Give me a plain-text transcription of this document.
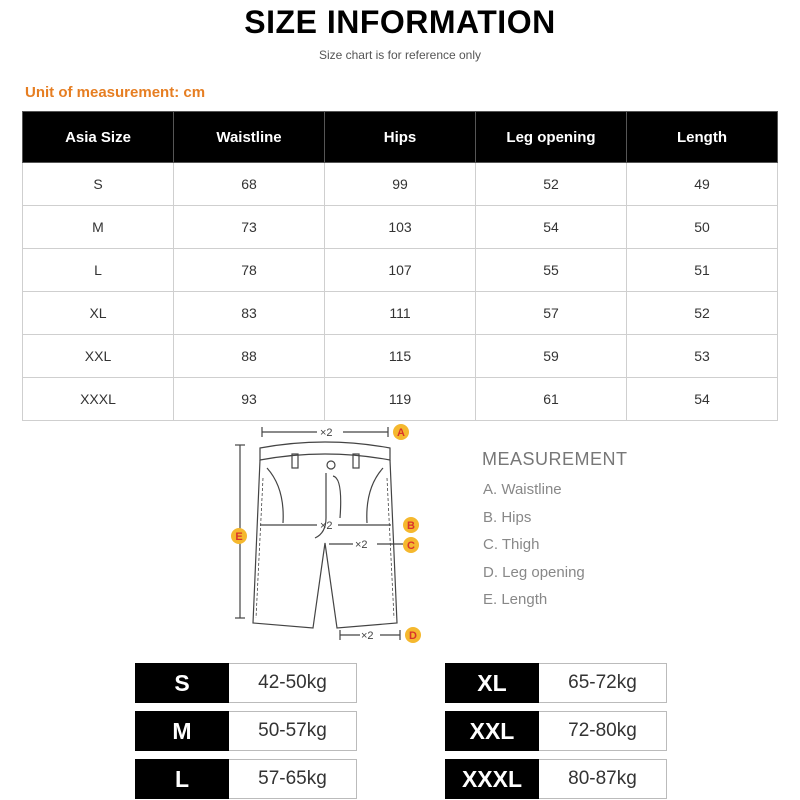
SIZE INFORMATION
Size chart is for reference only
Unit of measurement: cm
Asia Size	Waistline	Hips	Leg opening	Length
S	68	99	52	49
M	73	103	54	50
L	78	107	55	51
XL	83	111	57	52
XXL	88	115	59	53
XXXL	93	119	61	54
×2
×2
×2
×2
A
B
C
D
E
MEASUREMENT
A. Waistline
B. Hips
C. Thigh
D. Leg opening
E. Length
S	42-50kg
M	50-57kg
L	57-65kg
XL	65-72kg
XXL	72-80kg
XXXL	80-87kg
